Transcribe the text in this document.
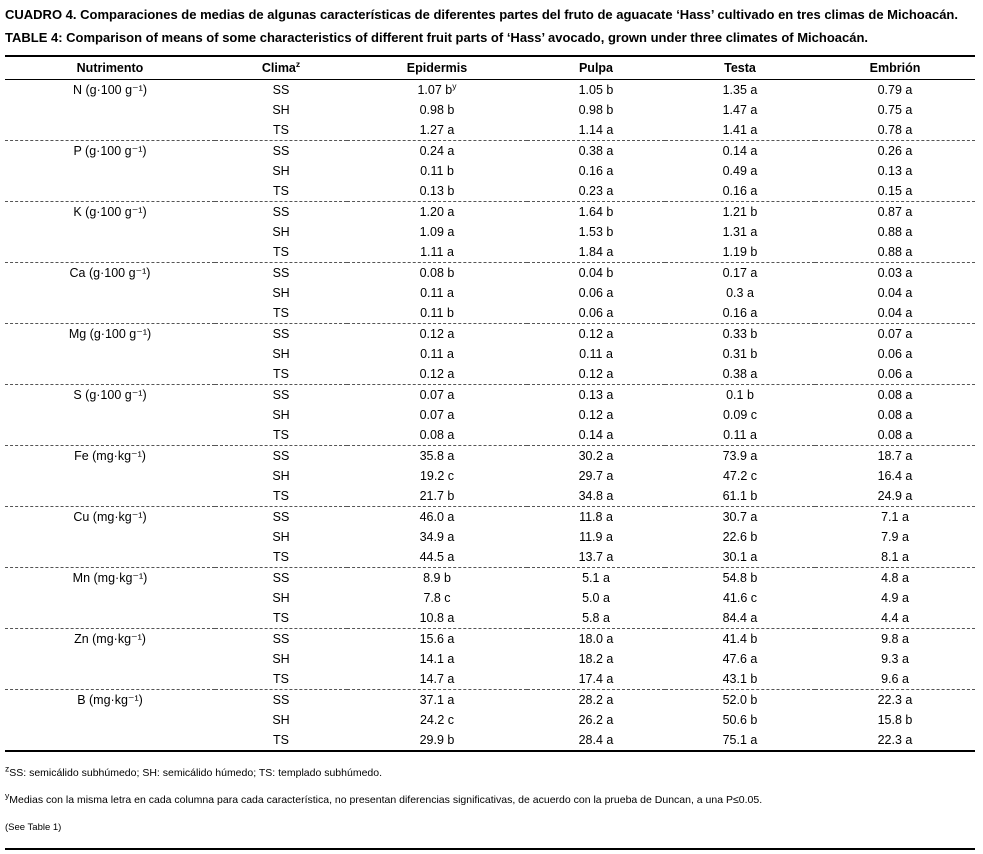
CUADRO 4. Comparaciones de medias de algunas características de diferentes partes del fruto de aguacate ‘Hass’ cultivado en tres climas de Michoacán.
TABLE 4: Comparison of means of some characteristics of different fruit parts of ‘Hass’ avocado, grown under three climates of Michoacán.
Nutrimento	Clima$^z$	Epidermis	Pulpa	Testa	Embrión
N (g·100 g⁻¹)	SS	1.07 $b^y$	1.05 b	1.35 a	0.79 a
	SH	0.98 b	0.98 b	1.47 a	0.75 a
	TS	1.27 a	1.14 a	1.41 a	0.78 a
P (g·100 g⁻¹)	SS	0.24 a	0.38 a	0.14 a	0.26 a
	SH	0.11 b	0.16 a	0.49 a	0.13 a
	TS	0.13 b	0.23 a	0.16 a	0.15 a
K (g·100 g⁻¹)	SS	1.20 a	1.64 b	1.21 b	0.87 a
	SH	1.09 a	1.53 b	1.31 a	0.88 a
	TS	1.11 a	1.84 a	1.19 b	0.88 a
Ca (g·100 g⁻¹)	SS	0.08 b	0.04 b	0.17 a	0.03 a
	SH	0.11 a	0.06 a	0.3 a	0.04 a
	TS	0.11 b	0.06 a	0.16 a	0.04 a
Mg (g·100 g⁻¹)	SS	0.12 a	0.12 a	0.33 b	0.07 a
	SH	0.11 a	0.11 a	0.31 b	0.06 a
	TS	0.12 a	0.12 a	0.38 a	0.06 a
S (g·100 g⁻¹)	SS	0.07 a	0.13 a	0.1 b	0.08 a
	SH	0.07 a	0.12 a	0.09 c	0.08 a
	TS	0.08 a	0.14 a	0.11 a	0.08 a
Fe (mg·kg⁻¹)	SS	35.8 a	30.2 a	73.9 a	18.7 a
	SH	19.2 c	29.7 a	47.2 c	16.4 a
	TS	21.7 b	34.8 a	61.1 b	24.9 a
Cu (mg·kg⁻¹)	SS	46.0 a	11.8 a	30.7 a	7.1 a
	SH	34.9 a	11.9 a	22.6 b	7.9 a
	TS	44.5 a	13.7 a	30.1 a	8.1 a
Mn (mg·kg⁻¹)	SS	8.9 b	5.1 a	54.8 b	4.8 a
	SH	7.8 c	5.0 a	41.6 c	4.9 a
	TS	10.8 a	5.8 a	84.4 a	4.4 a
Zn (mg·kg⁻¹)	SS	15.6 a	18.0 a	41.4 b	9.8 a
	SH	14.1 a	18.2 a	47.6 a	9.3 a
	TS	14.7 a	17.4 a	43.1 b	9.6 a
B (mg·kg⁻¹)	SS	37.1 a	28.2 a	52.0 b	22.3 a
	SH	24.2 c	26.2 a	50.6 b	15.8 b
	TS	29.9 b	28.4 a	75.1 a	22.3 a
$^z$SS: semicálido subhúmedo; SH: semicálido húmedo; TS: templado subhúmedo.
$^y$Medias con la misma letra en cada columna para cada característica, no presentan diferencias significativas, de acuerdo con la prueba de Duncan, a una P≤0.05.
(See Table 1)
